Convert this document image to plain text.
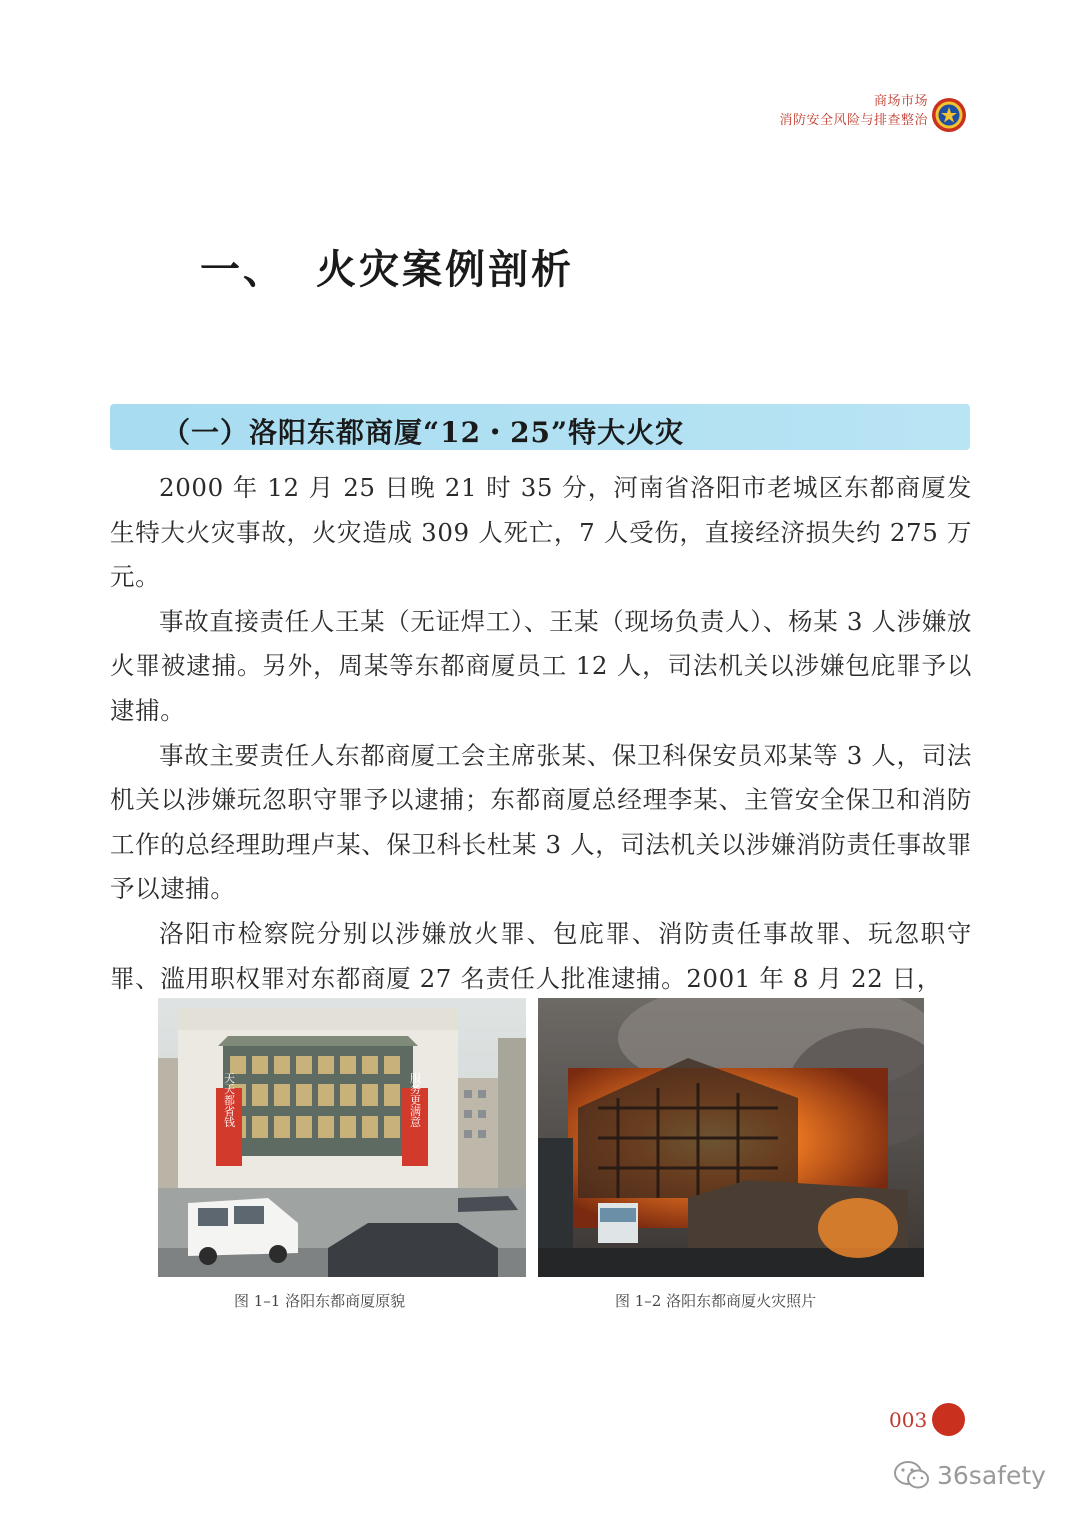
商场市场
消防安全风险与排查整治
一、 火灾案例剖析
（一）洛阳东都商厦“12・25”特大火灾

2000 年 12 月 25 日晚 21 时 35 分，河南省洛阳市老城区东都商厦发生特大火灾事故，火灾造成 309 人死亡，7 人受伤，直接经济损失约 275 万元。

事故直接责任人王某（无证焊工）、王某（现场负责人）、杨某 3 人涉嫌放火罪被逮捕。另外，周某等东都商厦员工 12 人，司法机关以涉嫌包庇罪予以逮捕。

事故主要责任人东都商厦工会主席张某、保卫科保安员邓某等 3 人，司法机关以涉嫌玩忽职守罪予以逮捕；东都商厦总经理李某、主管安全保卫和消防工作的总经理助理卢某、保卫科长杜某 3 人，司法机关以涉嫌消防责任事故罪予以逮捕。

洛阳市检察院分别以涉嫌放火罪、包庇罪、消防责任事故罪、玩忽职守罪、滥用职权罪对东都商厦 27 名责任人批准逮捕。2001 年 8 月 22 日，

天天都省钱	服务更满意
图 1–1 洛阳东都商厦原貌	图 1–2 洛阳东都商厦火灾照片
003
36safety
